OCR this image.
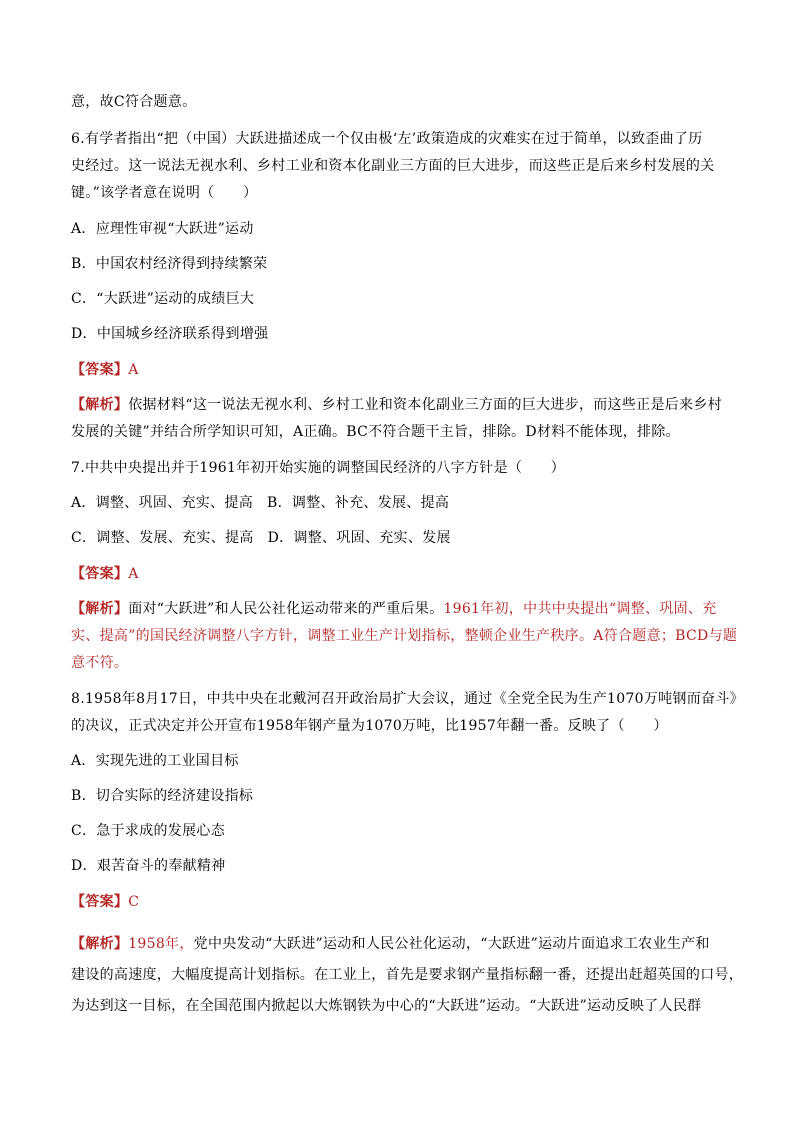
意，故C符合题意。
6.有学者指出“把（中国）大跃进描述成一个仅由极‘左’政策造成的灾难实在过于简单，以致歪曲了历
史经过。这一说法无视水利、乡村工业和资本化副业三方面的巨大进步，而这些正是后来乡村发展的关
键。”该学者意在说明（　　）
A．应理性审视“大跃进”运动
B．中国农村经济得到持续繁荣
C．“大跃进”运动的成绩巨大
D．中国城乡经济联系得到增强
【答案】A
【解析】依据材料“这一说法无视水利、乡村工业和资本化副业三方面的巨大进步，而这些正是后来乡村
发展的关键”并结合所学知识可知，A正确。BC不符合题干主旨，排除。D材料不能体现，排除。
7.中共中央提出并于1961年初开始实施的调整国民经济的八字方针是（　　）
A．调整、巩固、充实、提高 B．调整、补充、发展、提高
C．调整、发展、充实、提高 D．调整、巩固、充实、发展
【答案】A
【解析】面对“大跃进”和人民公社化运动带来的严重后果。1961年初，中共中央提出“调整、巩固、充
实、提高”的国民经济调整八字方针，调整工业生产计划指标，整顿企业生产秩序。A符合题意；BCD与题
意不符。
8.1958年8月17日，中共中央在北戴河召开政治局扩大会议，通过《全党全民为生产1070万吨钢而奋斗》
的决议，正式决定并公开宣布1958年钢产量为1070万吨，比1957年翻一番。反映了（　　）
A．实现先进的工业国目标
B．切合实际的经济建设指标
C．急于求成的发展心态
D．艰苦奋斗的奉献精神
【答案】C
【解析】1958年，党中央发动“大跃进”运动和人民公社化运动，“大跃进”运动片面追求工农业生产和
建设的高速度，大幅度提高计划指标。在工业上，首先是要求钢产量指标翻一番，还提出赶超英国的口号，
为达到这一目标，在全国范围内掀起以大炼钢铁为中心的“大跃进”运动。“大跃进”运动反映了人民群
